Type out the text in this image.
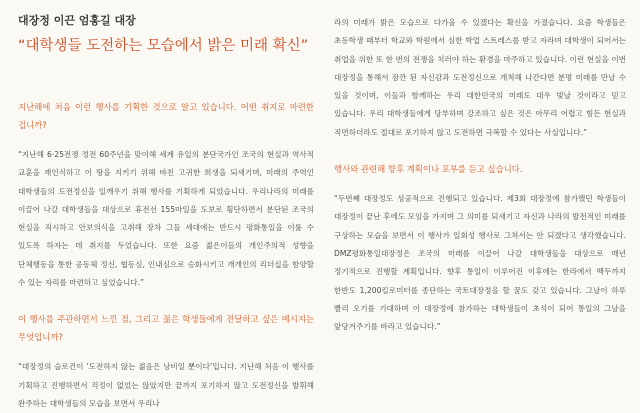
대장정 이끈 엄홍길 대장
“대학생들 도전하는 모습에서 밝은 미래 확신”

지난해에 처음 이런 행사를 기획한 것으로 알고 있습니다. 어떤 취지로 마련한 겁니까?

“지난해 6·25전쟁 정전 60주년을 맞이해 세계 유일의 분단국가인 조국의 현실과 역사적 교훈을 재인식하고 이 땅을 지키기 위해 바친 고귀한 희생을 되새기며, 미래의 주역인 대학생들의 도전정신을 일깨우기 위해 행사를 기획하게 되었습니다. 우리나라의 미래를 이끌어 나갈 대학생들을 대상으로 휴전선 155마일을 도보로 횡단하면서 분단된 조국의 현실을 직시하고 안보의식을 고취해 장차 그들 세대에는 반드시 평화통일을 이룰 수 있도록 하자는 데 취지를 두었습니다. 또한 요즘 젊은이들의 개인주의적 성향을 단체행동을 통한 공동체 정신, 협동심, 인내심으로 승화시키고 개개인의 리더십을 함양할 수 있는 자리를 마련하고 싶었습니다.”

이 행사를 주관하면서 느낀 점, 그리고 젊은 학생들에게 전달하고 싶은 메시지는 무엇입니까?

“대장정의 슬로건이 ‘도전하지 않는 젊음은 낭비일 뿐이다’입니다. 지난해 처음 이 행사를 기획하고 진행하면서 걱정이 없었는 않았지만 끝까지 포기하지 않고 도전정신을 발휘해 완주하는 대학생들의 모습을 보면서 우리나

라의 미래가 밝은 모습으로 다가올 수 있겠다는 확신을 가졌습니다. 요즘 학생들은 초등학생 때부터 학교와 학원에서 심한 학업 스트레스를 받고 자라며 대학생이 되어서는 취업을 위한 또 한 번의 전쟁을 치러야 하는 환경을 마주하고 있습니다. 이런 현실을 이번 대장정을 통해서 잠깐 된 자신감과 도전정신으로 개척해 나간다면 분명 미래를 만날 수 있을 것이며, 이들과 함께하는 우리 대한민국의 미래도 대우 빛날 것이라고 믿고 있습니다. 우리 대학생들에게 당부하며 강조하고 싶은 것은 아무리 어렵고 힘든 현실과 직면하더라도 절대로 포기하지 않고 도전하면 극복할 수 있다는 사실입니다.”

행사와 관련해 향후 계획이나 포부를 듣고 싶습니다.

“두번째 대장정도 성공적으로 진행되고 있습니다. 제3회 대장정에 참가했던 학생들이 대장정이 끝난 후에도 모임을 가지며 그 의미를 되새기고 자신과 나라의 발전적인 미래를 구상하는 모습을 보면서 이 행사가 일회성 행사로 그쳐서는 안 되겠다고 생각했습니다. DMZ평화통일대장정은 조국의 미래를 이끌어 나갈 대학생들을 대상으로 매년 정기적으로 진행할 계획입니다. 향후 통일이 이루어진 이후에는 한라에서 백두까지 한반도 1,200킬로미터를 종단하는 국토대장정을 할 꿈도 갖고 있습니다. 그날이 하루 빨리 오기를 기대하며 이 대장정에 참가하는 대학생들이 초석이 되어 통일의 그날을 앞당겨주기를 바라고 있습니다.”
